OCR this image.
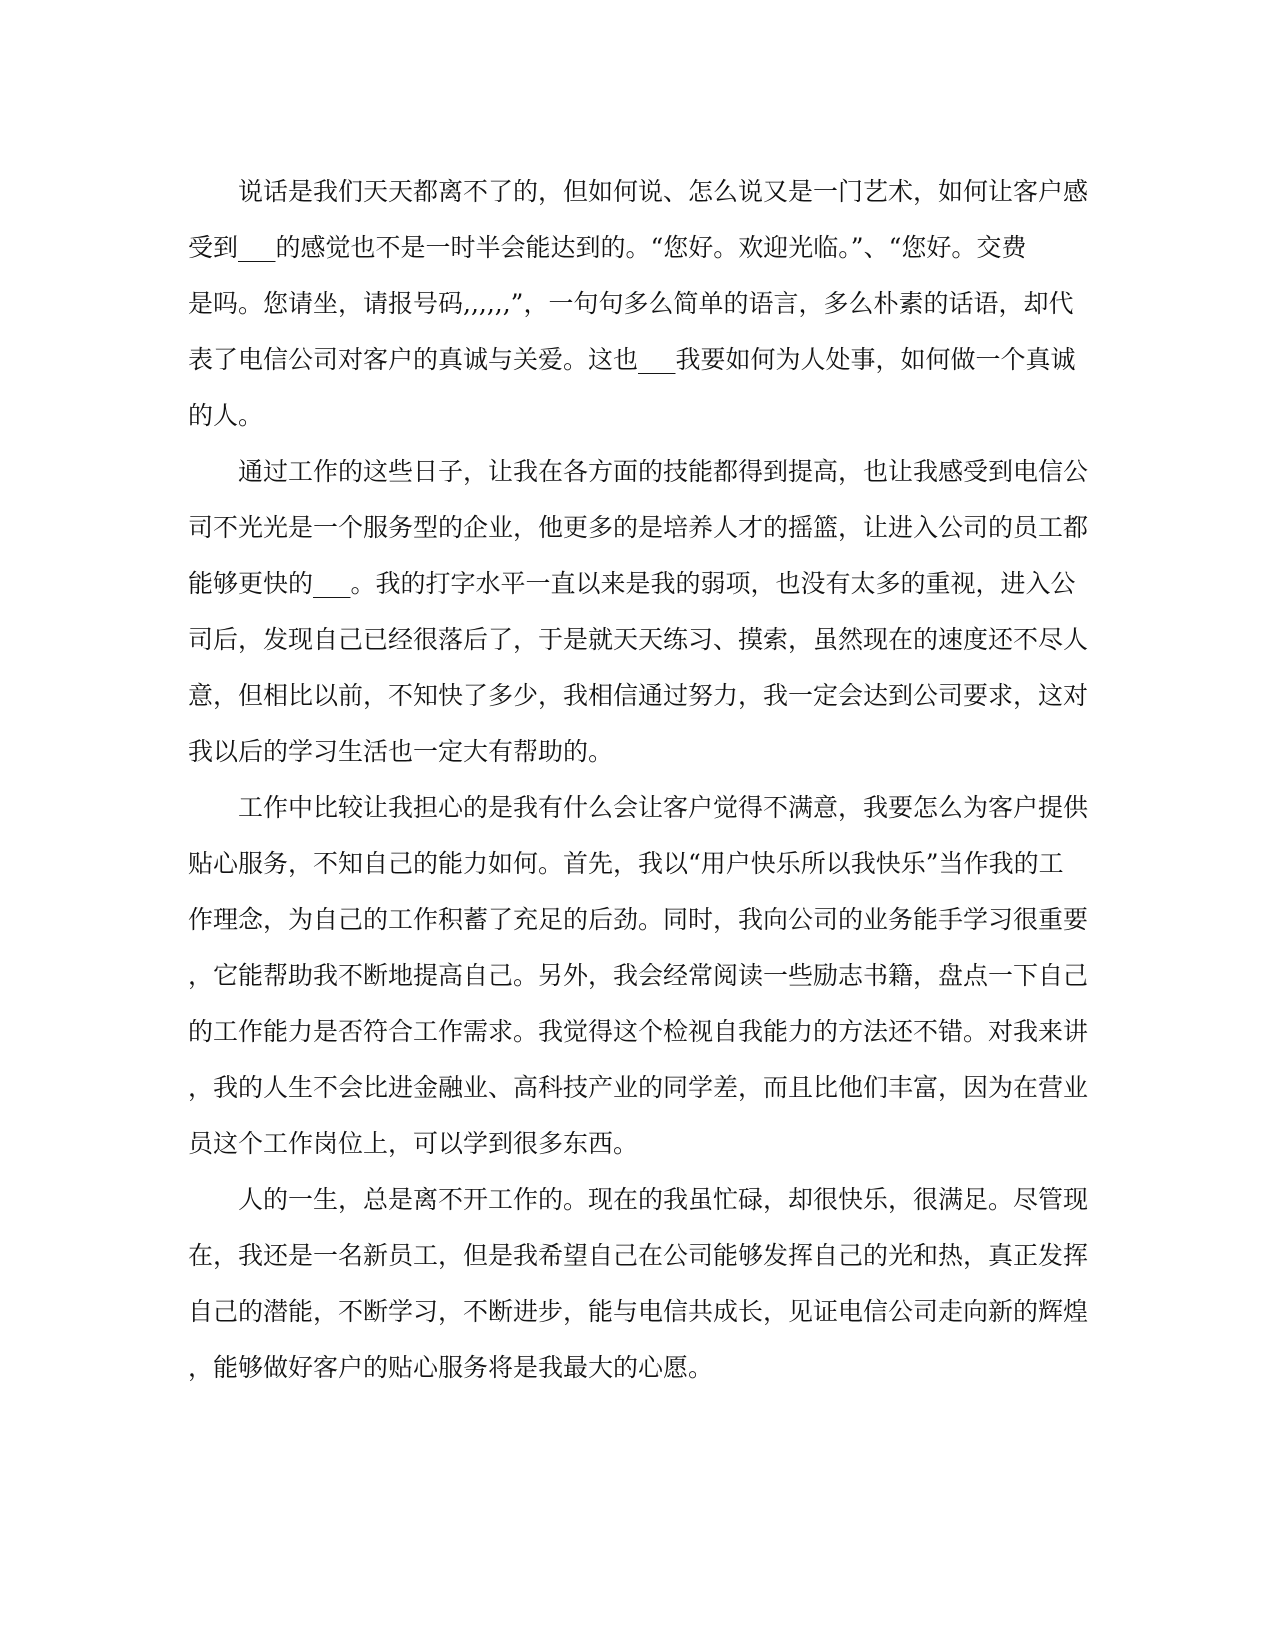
说话是我们天天都离不了的，但如何说、怎么说又是一门艺术，如何让客户感
受到___的感觉也不是一时半会能达到的。“您好。欢迎光临。”、“您好。交费
是吗。您请坐，请报号码,,,,,,”，一句句多么简单的语言，多么朴素的话语，却代
表了电信公司对客户的真诚与关爱。这也___我要如何为人处事，如何做一个真诚
的人。
通过工作的这些日子，让我在各方面的技能都得到提高，也让我感受到电信公
司不光光是一个服务型的企业，他更多的是培养人才的摇篮，让进入公司的员工都
能够更快的___。我的打字水平一直以来是我的弱项，也没有太多的重视，进入公
司后，发现自己已经很落后了，于是就天天练习、摸索，虽然现在的速度还不尽人
意，但相比以前，不知快了多少，我相信通过努力，我一定会达到公司要求，这对
我以后的学习生活也一定大有帮助的。
工作中比较让我担心的是我有什么会让客户觉得不满意，我要怎么为客户提供
贴心服务，不知自己的能力如何。首先，我以“用户快乐所以我快乐”当作我的工
作理念，为自己的工作积蓄了充足的后劲。同时，我向公司的业务能手学习很重要
，它能帮助我不断地提高自己。另外，我会经常阅读一些励志书籍，盘点一下自己
的工作能力是否符合工作需求。我觉得这个检视自我能力的方法还不错。对我来讲
，我的人生不会比进金融业、高科技产业的同学差，而且比他们丰富，因为在营业
员这个工作岗位上，可以学到很多东西。
人的一生，总是离不开工作的。现在的我虽忙碌，却很快乐，很满足。尽管现
在，我还是一名新员工，但是我希望自己在公司能够发挥自己的光和热，真正发挥
自己的潜能，不断学习，不断进步，能与电信共成长，见证电信公司走向新的辉煌
，能够做好客户的贴心服务将是我最大的心愿。
